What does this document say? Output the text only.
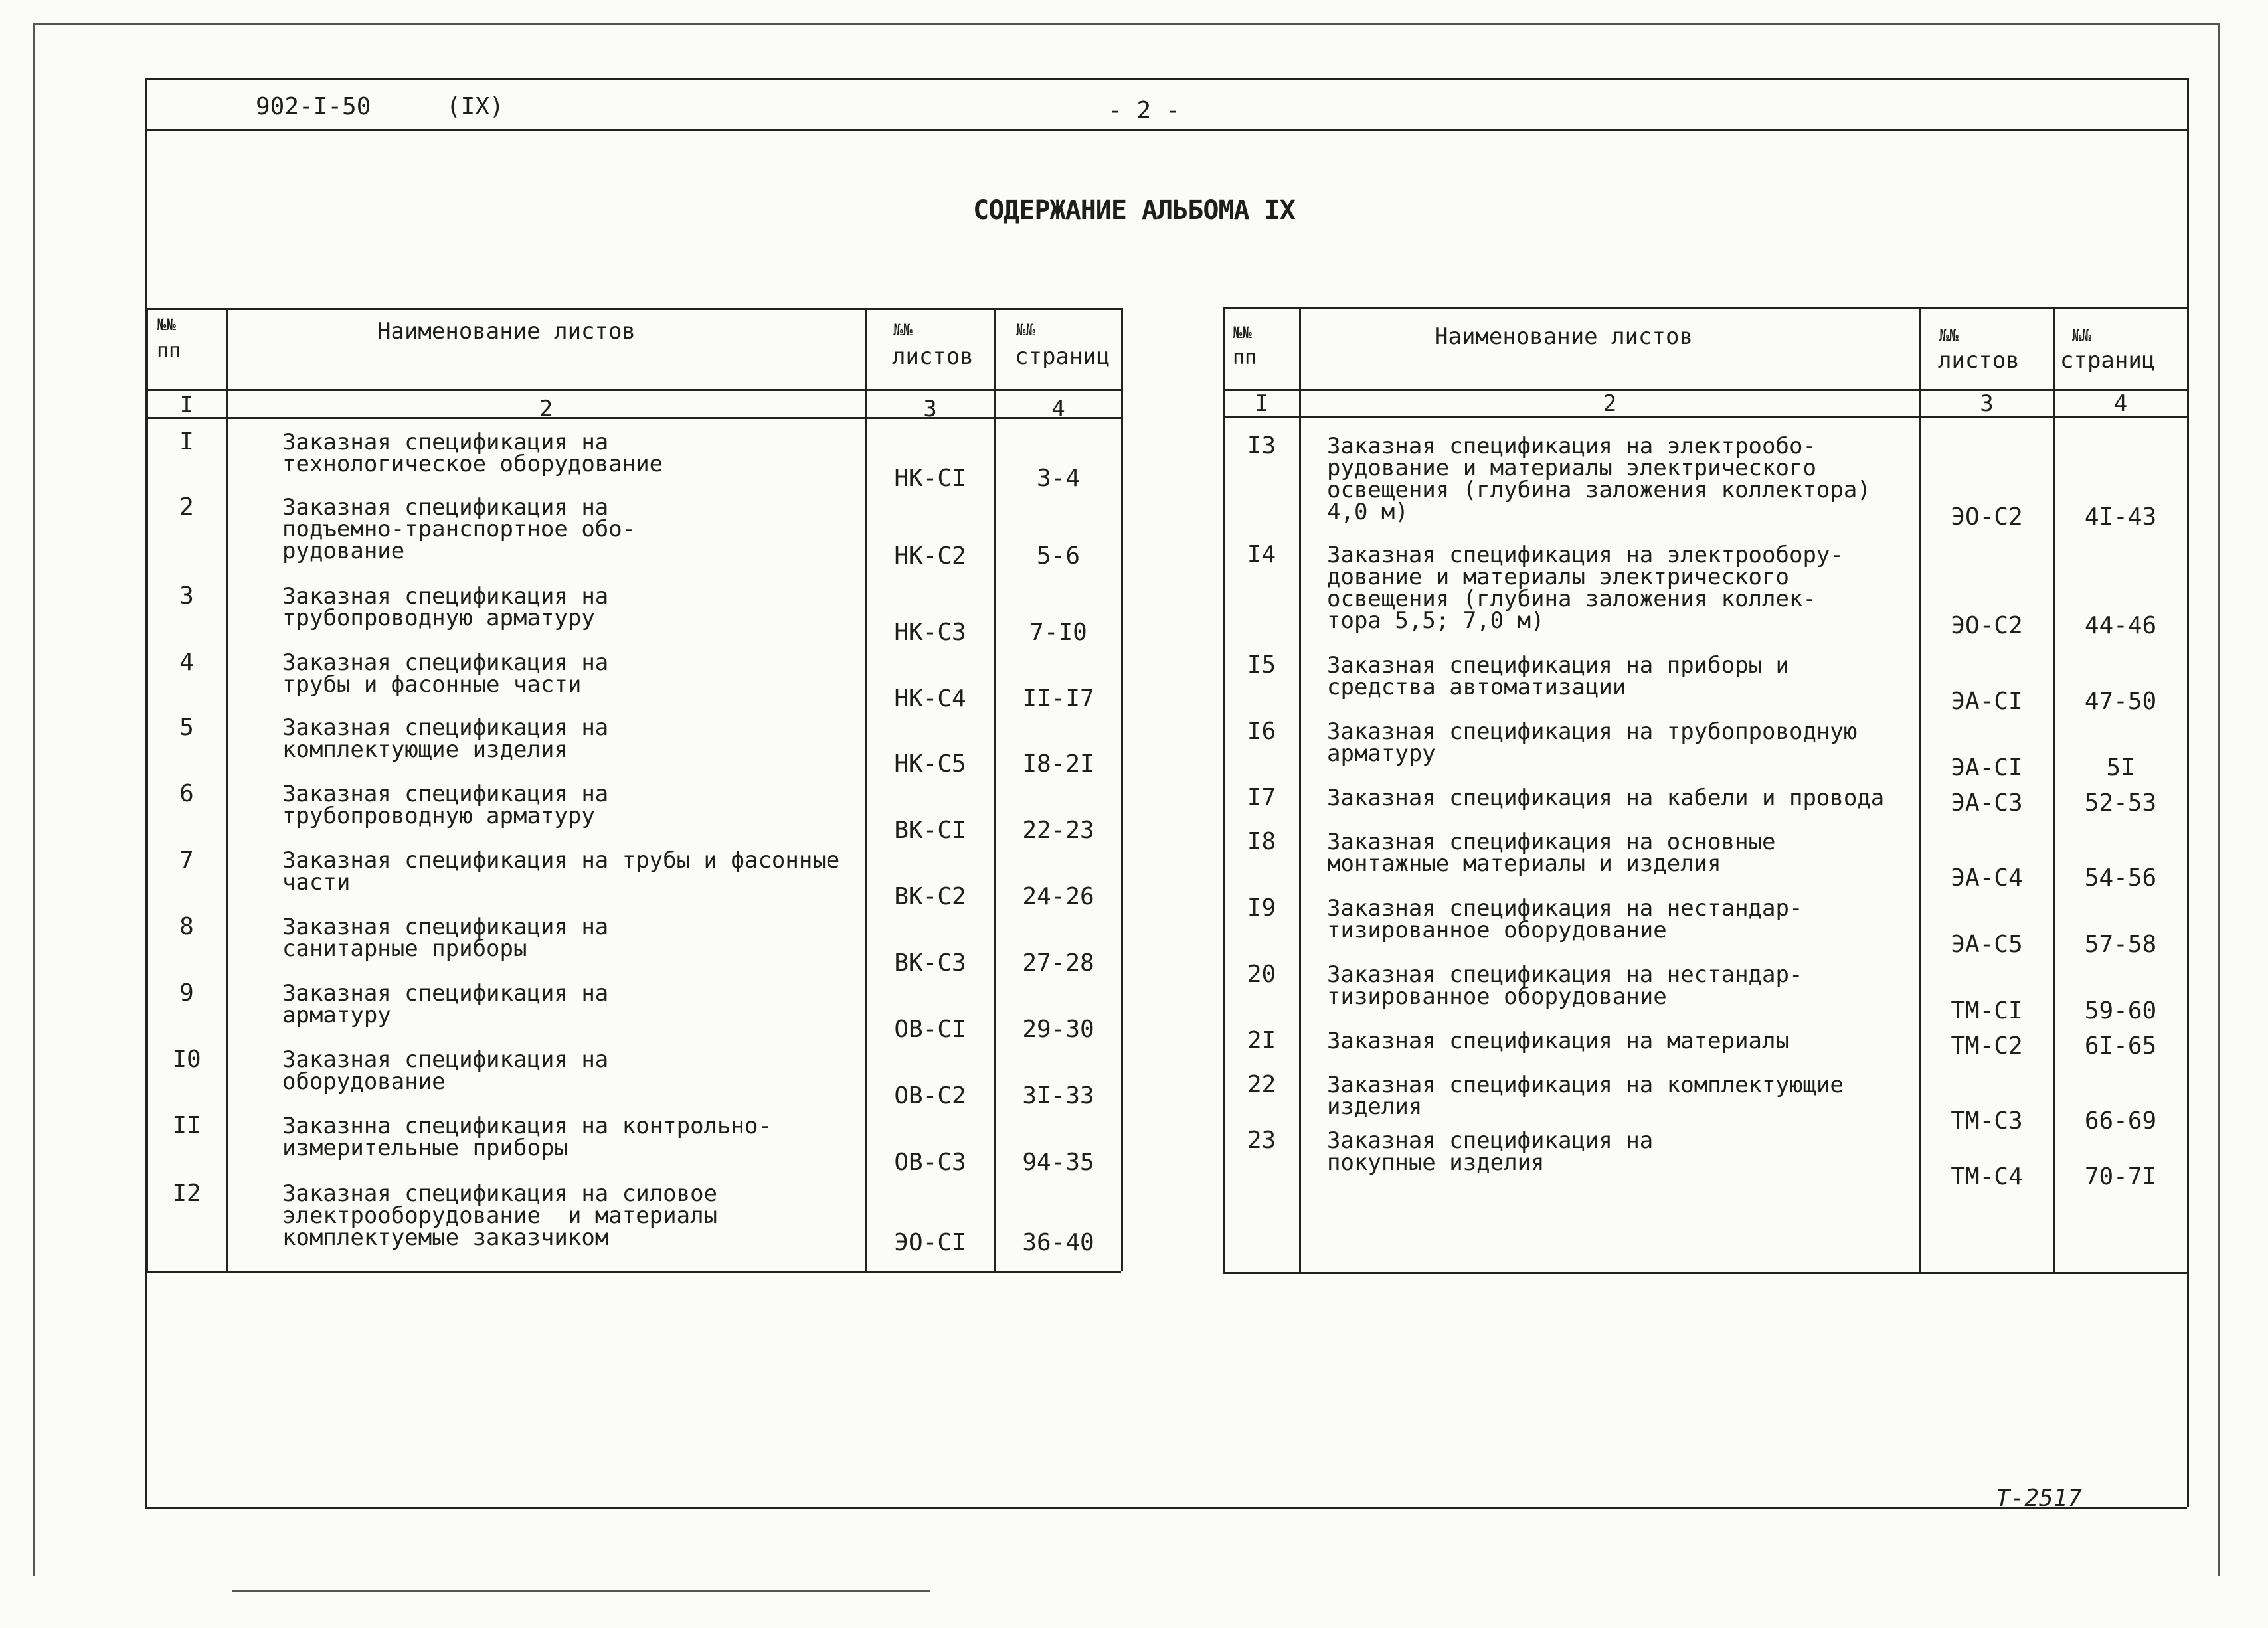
902-I-50	(IX)	- 2 -
СОДЕРЖАНИЕ АЛЬБОМА IX
№№
пп
Наименование листов	№№
листов
№№
страниц
I	2	3	4
I	Заказная спецификация на
технологическое оборудование
НК-СI	3-4
2	Заказная спецификация на
подъемно-транспортное обо-
рудование	НК-С2	5-6
3	Заказная спецификация на
трубопроводную арматуру
НК-С3	7-I0
4	Заказная спецификация на
трубы и фасонные части
НК-С4	II-I7
5	Заказная спецификация на
комплектующие изделия
НК-С5	I8-2I
6	Заказная спецификация на
трубопроводную арматуру
ВК-СI	22-23
7	Заказная спецификация на трубы и фасонные
части
ВК-С2	24-26
8	Заказная спецификация на
санитарные приборы
ВК-С3	27-28
9	Заказная спецификация на
арматуру
ОВ-СI	29-30
I0	Заказная спецификация на
оборудование
ОВ-С2	3I-33
II	Заказнна спецификация на контрольно-
измерительные приборы
ОВ-С3	94-35
I2	Заказная спецификация на силовое
электрооборудование  и материалы
комплектуемые заказчиком	ЭО-СI	36-40
№№
пп
Наименование листов	№№
листов
№№
страниц
I	2	3	4
I3	Заказная спецификация на электрообо-
рудование и материалы электрического
освещения (глубина заложения коллектора)
4,0 м)	ЭО-С2	4I-43
I4	Заказная спецификация на электрообору-
дование и материалы электрического
освещения (глубина заложения коллек-
тора 5,5; 7,0 м)	ЭО-С2	44-46
I5	Заказная спецификация на приборы и
средства автоматизации
ЭА-СI	47-50
I6	Заказная спецификация на трубопроводную
арматуру
ЭА-СI	5I
I7	Заказная спецификация на кабели и провода	ЭА-С3	52-53
I8	Заказная спецификация на основные
монтажные материалы и изделия
ЭА-С4	54-56
I9	Заказная спецификация на нестандар-
тизированное оборудование
ЭА-С5	57-58
20	Заказная спецификация на нестандар-
тизированное оборудование
ТМ-СI	59-60
2I	Заказная спецификация на материалы	ТМ-С2	6I-65
22	Заказная спецификация на комплектующие
изделия
ТМ-С3	66-69
23	Заказная спецификация на
покупные изделия
ТМ-С4	70-7I
Т-2517
